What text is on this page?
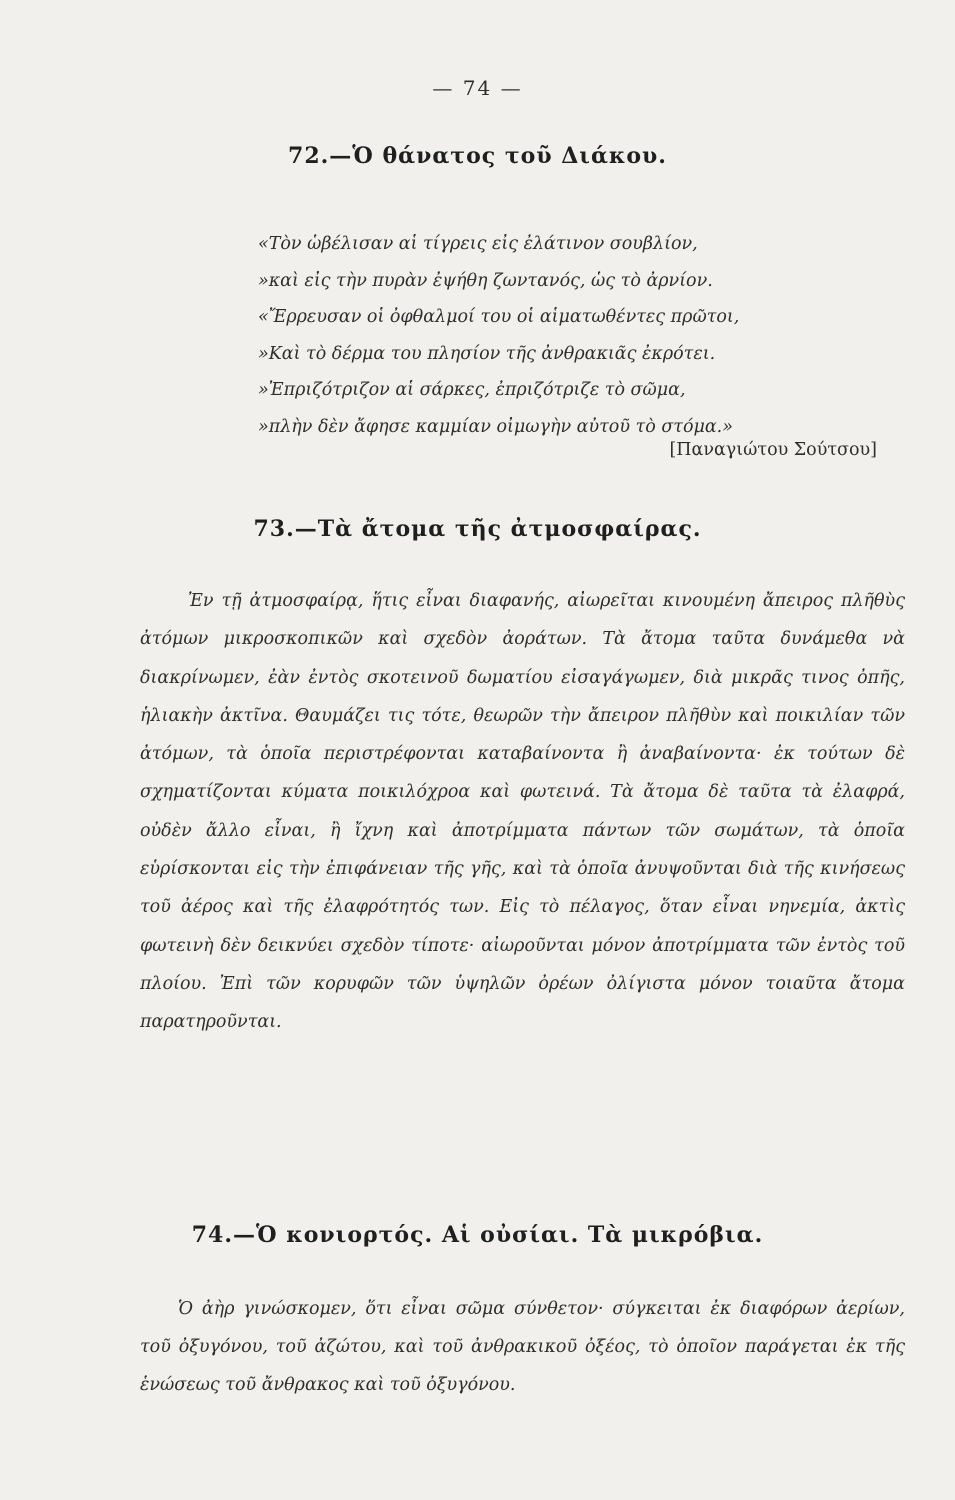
— 74 —
72.—Ὁ θάνατος τοῦ Διάκου.
«Τὸν ὡβέλισαν αἱ τίγρεις εἰς ἐλάτινον σουβλίον,
»καὶ εἰς τὴν πυρὰν ἐψήθη ζωντανός, ὡς τὸ ἀρνίον.
«Ἔρρευσαν οἱ ὀφθαλμοί του οἱ αἱματωθέντες πρῶτοι,
»Καὶ τὸ δέρμα του πλησίον τῆς ἀνθρακιᾶς ἐκρότει.
»Ἐπριζότριζον αἱ σάρκες, ἐπριζότριζε τὸ σῶμα,
»πλὴν δὲν ἄφησε καμμίαν οἰμωγὴν αὐτοῦ τὸ στόμα.»
[Παναγιώτου Σούτσου]
73.—Τὰ ἄτομα τῆς ἀτμοσφαίρας.
Ἐν τῇ ἀτμοσφαίρᾳ, ἥτις εἶναι διαφανής, αἰωρεῖται κινουμένη ἄπειρος πλῆθὺς ἀτόμων μικροσκοπικῶν καὶ σχεδὸν ἀοράτων. Τὰ ἄτομα ταῦτα δυνάμεθα νὰ διακρίνωμεν, ἐὰν ἐντὸς σκοτεινοῦ δωματίου εἰσαγάγωμεν, διὰ μικρᾶς τινος ὀπῆς, ἡλιακὴν ἀκτῖνα. Θαυμάζει τις τότε, θεωρῶν τὴν ἄπειρον πλῆθὺν καὶ ποικιλίαν τῶν ἀτόμων, τὰ ὁποῖα περιστρέφονται καταβαίνοντα ἢ ἀναβαίνοντα· ἐκ τούτων δὲ σχηματίζονται κύματα ποικιλόχροα καὶ φωτεινά. Τὰ ἄτομα δὲ ταῦτα τὰ ἐλαφρά, οὐδὲν ἄλλο εἶναι, ἢ ἴχνη καὶ ἀποτρίμματα πάντων τῶν σωμάτων, τὰ ὁποῖα εὑρίσκονται εἰς τὴν ἐπιφάνειαν τῆς γῆς, καὶ τὰ ὁποῖα ἀνυψοῦνται διὰ τῆς κινήσεως τοῦ ἀέρος καὶ τῆς ἐλαφρότητός των. Εἰς τὸ πέλαγος, ὅταν εἶναι νηνεμία, ἀκτὶς φωτεινὴ δὲν δεικνύει σχεδὸν τίποτε· αἰωροῦνται μόνον ἀποτρίμματα τῶν ἐντὸς τοῦ πλοίου. Ἐπὶ τῶν κορυφῶν τῶν ὑψηλῶν ὀρέων ὀλίγιστα μόνον τοιαῦτα ἄτομα παρατηροῦνται.
74.—Ὁ κονιορτός. Αἱ οὐσίαι. Τὰ μικρόβια.
Ὁ ἀὴρ γινώσκομεν, ὅτι εἶναι σῶμα σύνθετον· σύγκειται ἐκ διαφόρων ἀερίων, τοῦ ὀξυγόνου, τοῦ ἀζώτου, καὶ τοῦ ἀνθρακικοῦ ὀξέος, τὸ ὁποῖον παράγεται ἐκ τῆς ἑνώσεως τοῦ ἄνθρακος καὶ τοῦ ὀξυγόνου.
